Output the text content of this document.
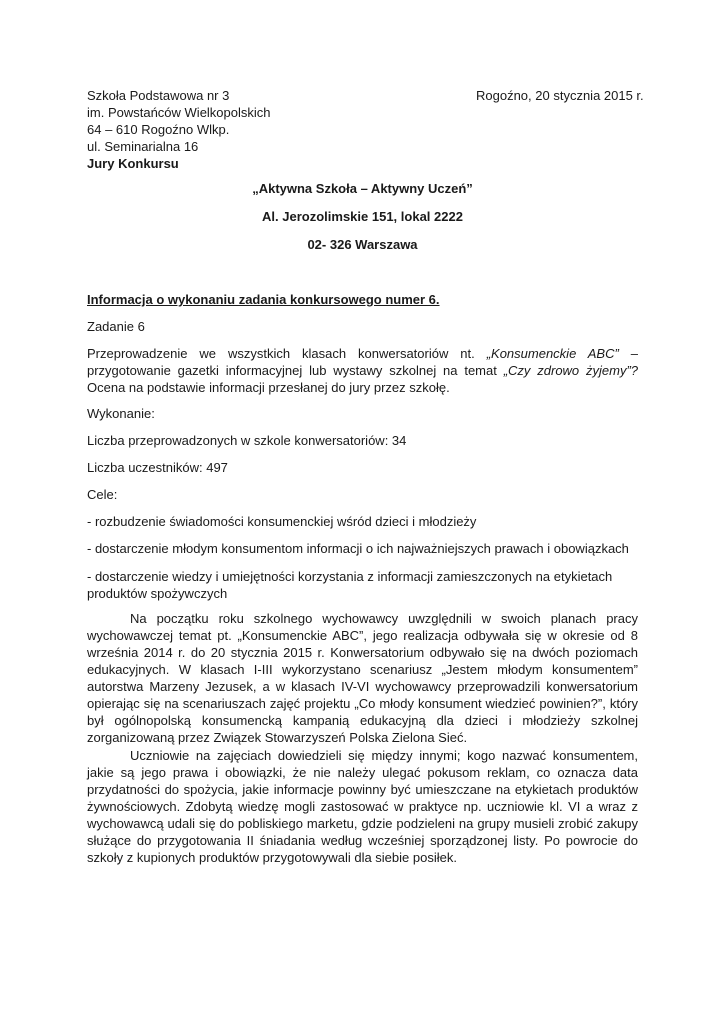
Szkoła Podstawowa nr 3
im. Powstańców Wielkopolskich
64 – 610 Rogoźno Wlkp.
ul. Seminarialna 16
Jury Konkursu
Rogoźno, 20 stycznia 2015 r.
„Aktywna Szkoła – Aktywny Uczeń”
Al. Jerozolimskie 151, lokal 2222
02- 326 Warszawa
Informacja o wykonaniu zadania konkursowego numer 6.
Zadanie 6
Przeprowadzenie we wszystkich klasach konwersatoriów nt. „Konsumenckie ABC” – przygotowanie gazetki informacyjnej lub wystawy szkolnej na temat „Czy zdrowo żyjemy”? Ocena na podstawie informacji przesłanej do jury przez szkołę.
Wykonanie:
Liczba przeprowadzonych w szkole konwersatoriów: 34
Liczba uczestników: 497
Cele:
- rozbudzenie świadomości konsumenckiej wśród dzieci i młodzieży
- dostarczenie młodym konsumentom informacji o ich najważniejszych prawach i obowiązkach
- dostarczenie wiedzy i umiejętności korzystania z informacji zamieszczonych na etykietach produktów spożywczych
Na początku roku szkolnego wychowawcy uwzględnili w swoich planach pracy wychowawczej temat pt. „Konsumenckie ABC”, jego realizacja odbywała się w okresie od 8 września 2014 r. do 20 stycznia 2015 r. Konwersatorium odbywało się na dwóch poziomach edukacyjnych. W klasach I-III wykorzystano scenariusz „Jestem młodym konsumentem” autorstwa Marzeny Jezusek, a w klasach IV-VI wychowawcy przeprowadzili konwersatorium opierając się na scenariuszach zajęć projektu „Co młody konsument wiedzieć powinien?”, który był ogólnopolską konsumencką kampanią edukacyjną dla dzieci i młodzieży szkolnej zorganizowaną przez Związek Stowarzyszeń Polska Zielona Sieć.
Uczniowie na zajęciach dowiedzieli się między innymi; kogo nazwać konsumentem, jakie są jego prawa i obowiązki, że nie należy ulegać pokusom reklam, co oznacza data przydatności do spożycia, jakie informacje powinny być umieszczane na etykietach produktów żywnościowych. Zdobytą wiedzę mogli zastosować w praktyce np. uczniowie kl. VI a wraz z wychowawcą udali się do pobliskiego marketu, gdzie podzieleni na grupy musieli zrobić zakupy służące do przygotowania II śniadania według wcześniej sporządzonej listy. Po powrocie do szkoły z kupionych produktów przygotowywali dla siebie posiłek.
